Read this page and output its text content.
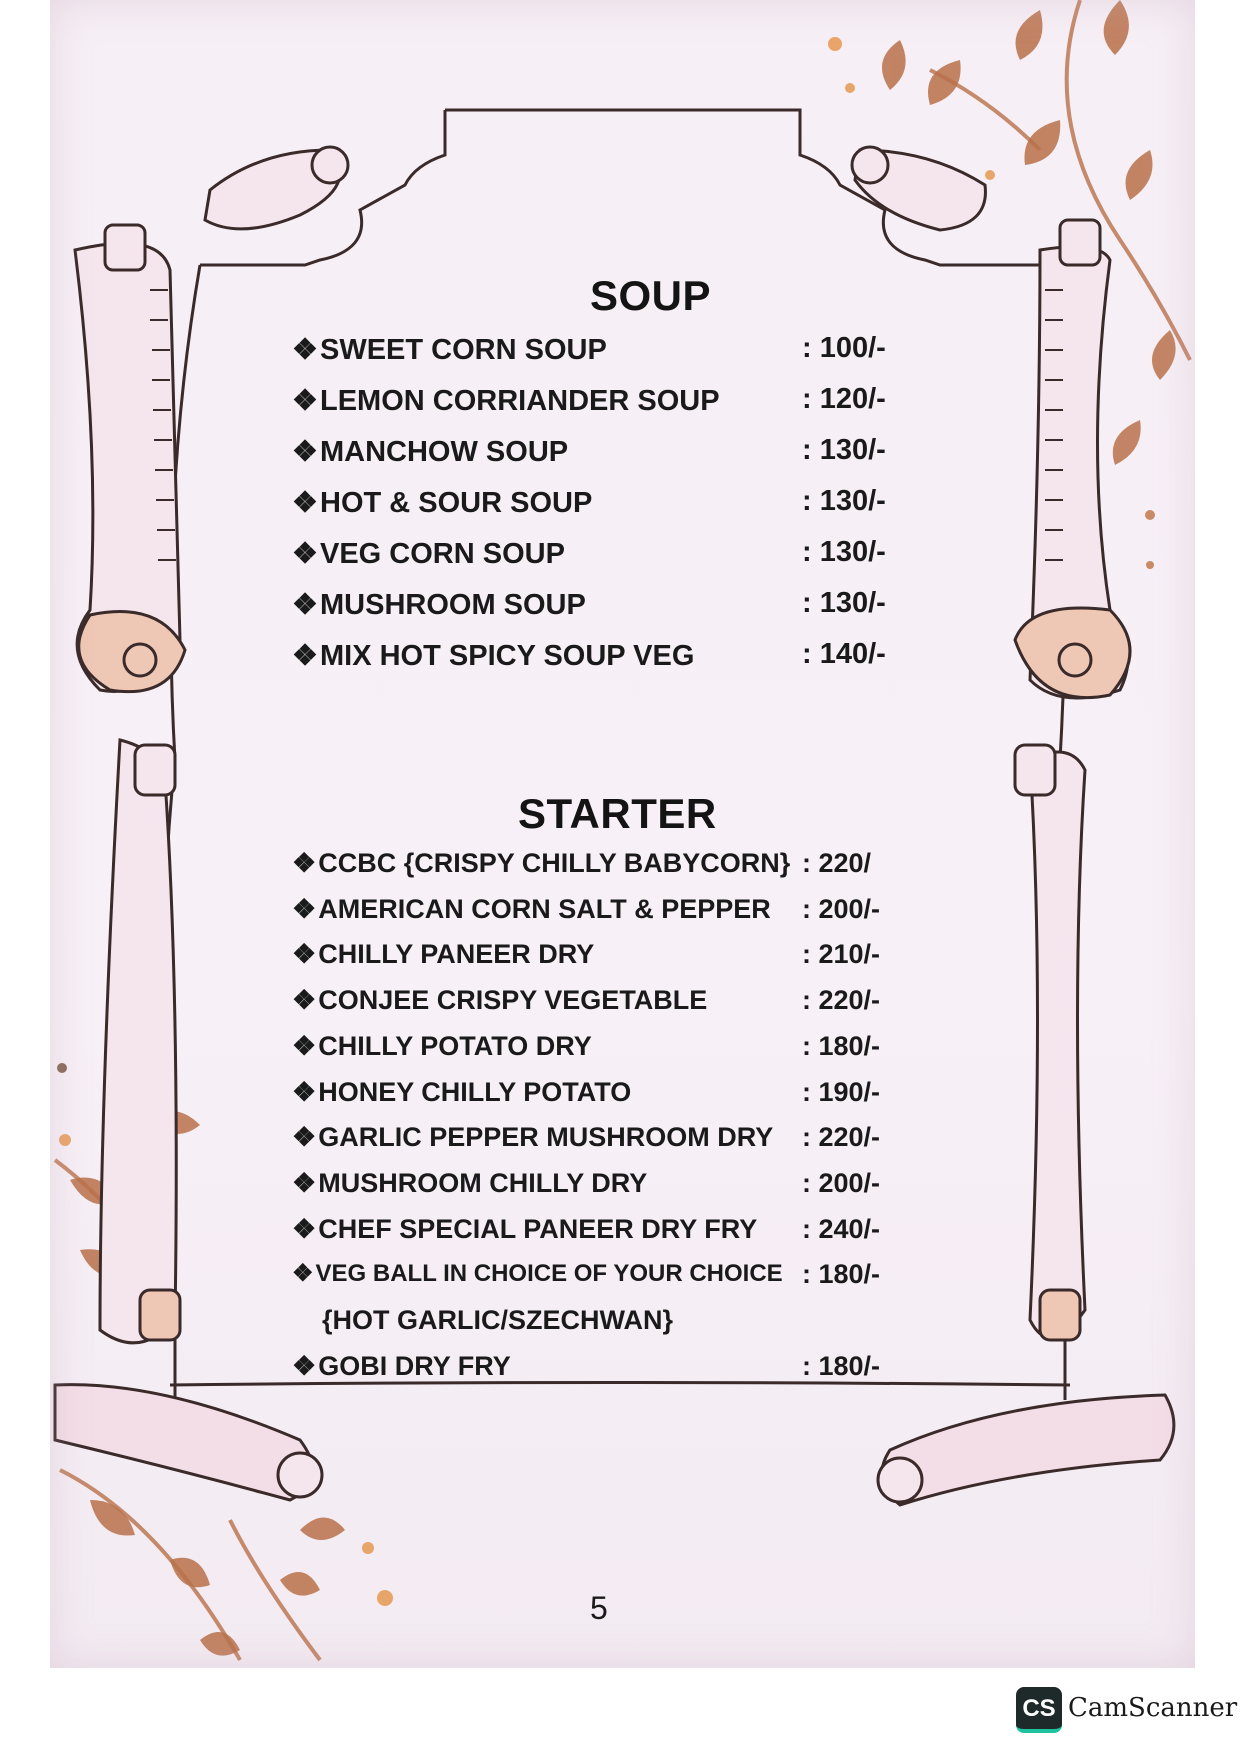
SOUP
❖SWEET CORN SOUP	: 100/-
❖LEMON CORRIANDER SOUP	: 120/-
❖MANCHOW SOUP	: 130/-
❖HOT & SOUR SOUP	: 130/-
❖VEG CORN SOUP	: 130/-
❖MUSHROOM SOUP	: 130/-
❖MIX HOT SPICY SOUP VEG	: 140/-
STARTER
❖CCBC {CRISPY CHILLY BABYCORN} : 220/
❖AMERICAN CORN SALT & PEPPER : 200/-
❖CHILLY PANEER DRY	: 210/-
❖CONJEE CRISPY VEGETABLE	: 220/-
❖CHILLY POTATO DRY	: 180/-
❖HONEY CHILLY POTATO	: 190/-
❖GARLIC PEPPER MUSHROOM DRY : 220/-
❖MUSHROOM CHILLY DRY	: 200/-
❖CHEF SPECIAL PANEER DRY FRY : 240/-
❖VEG BALL IN CHOICE OF YOUR CHOICE : 180/-
{HOT GARLIC/SZECHWAN}
❖GOBI DRY FRY	: 180/-
5
CS CamScanner
